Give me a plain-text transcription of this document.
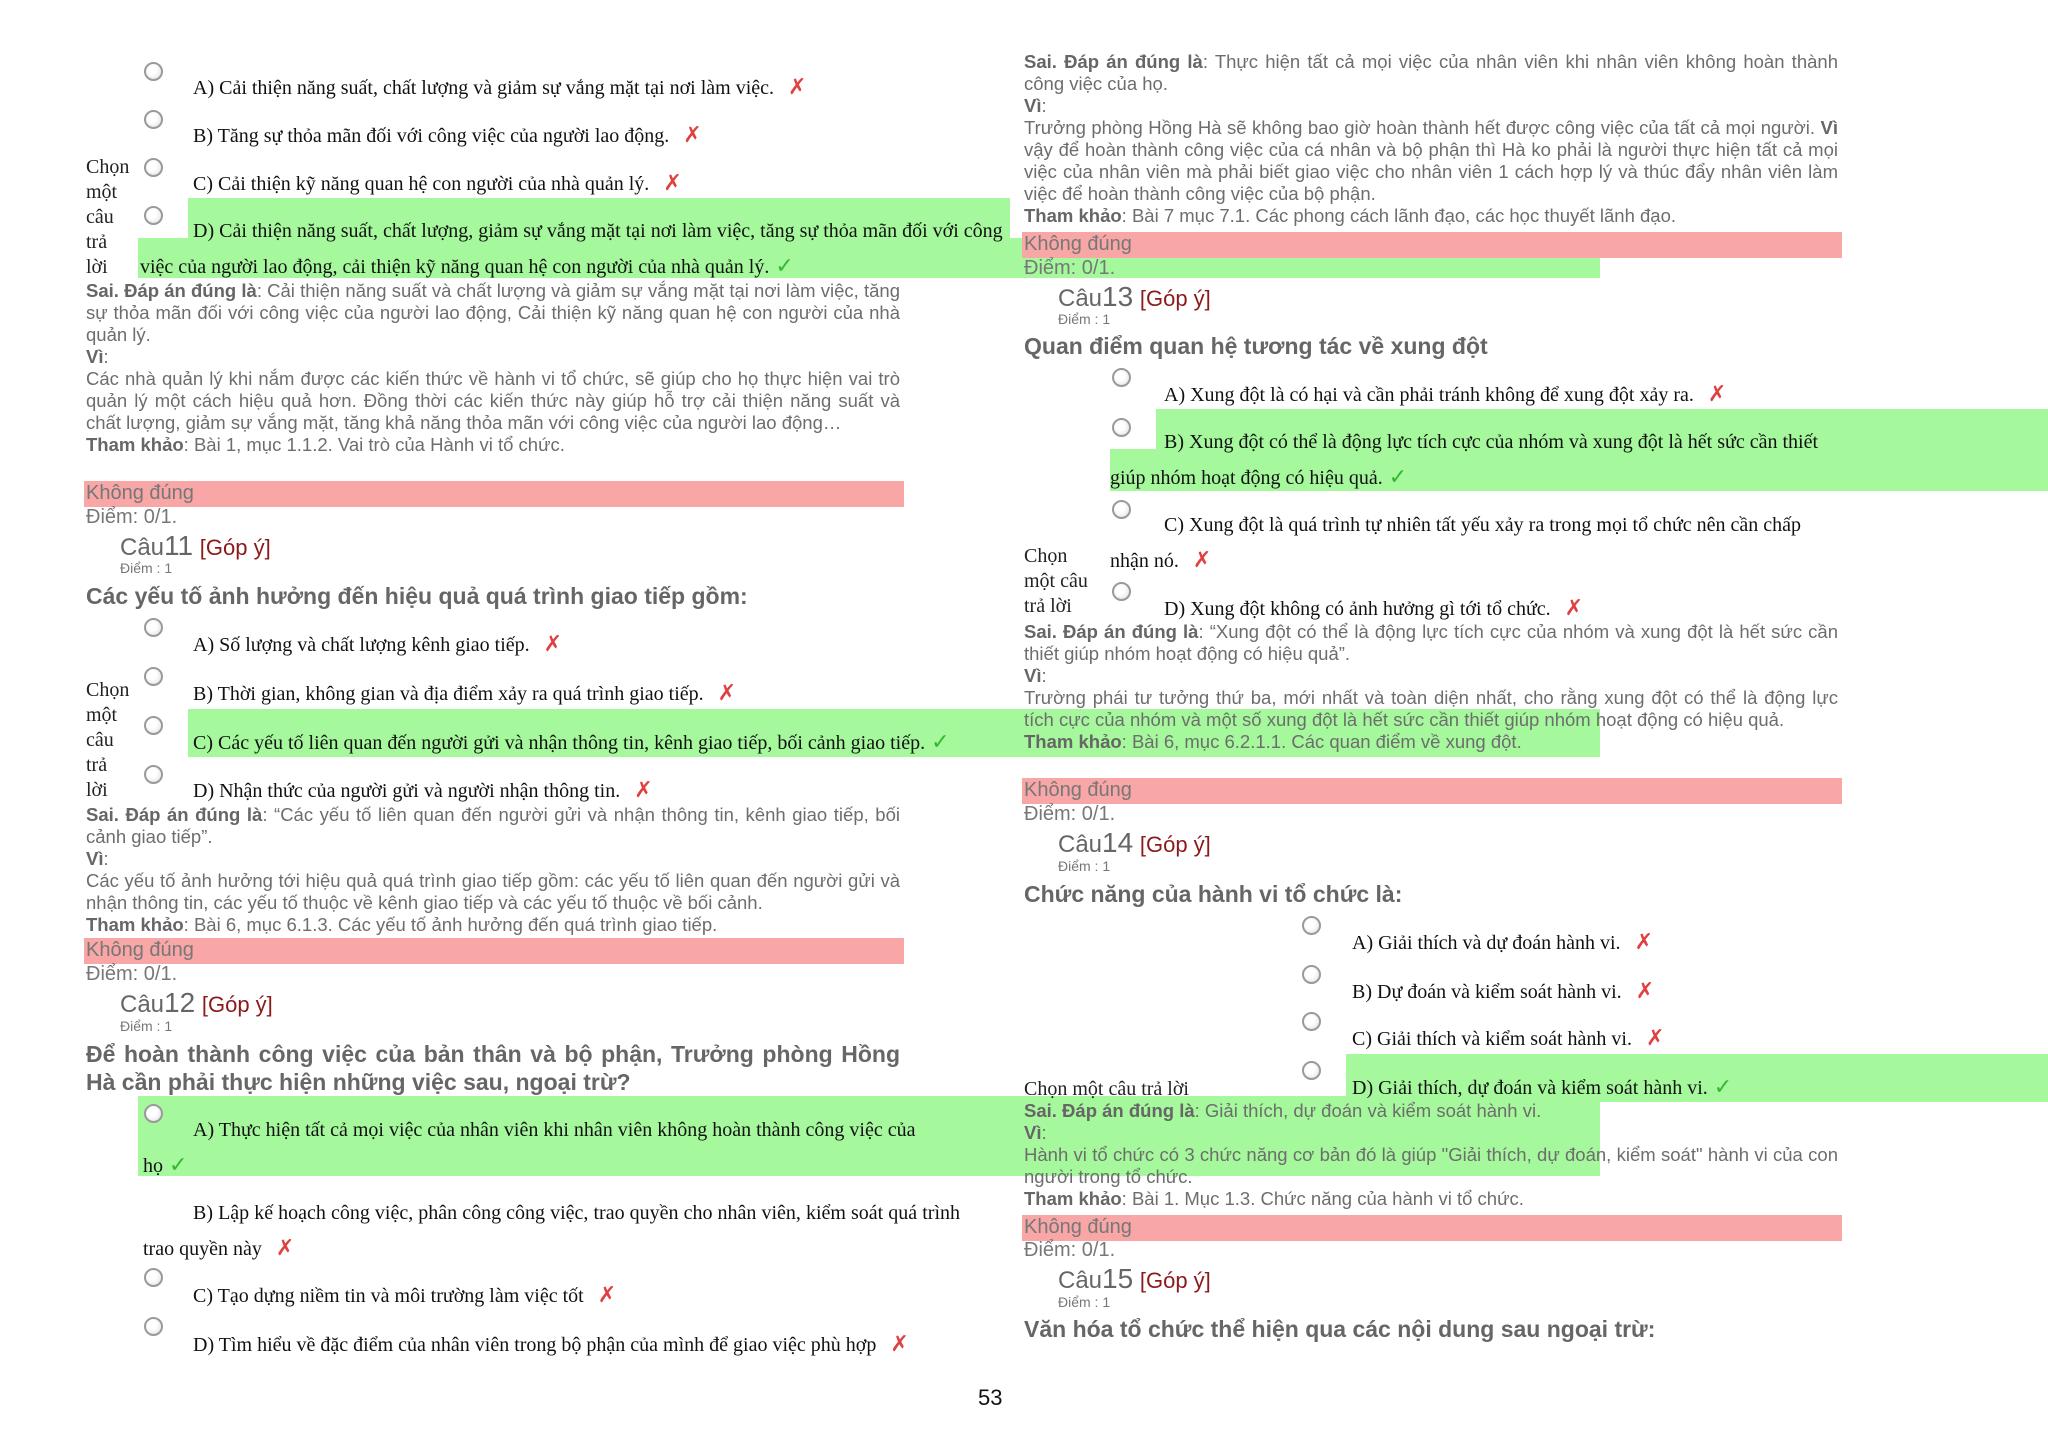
A) Cải thiện năng suất, chất lượng và giảm sự vắng mặt tại nơi làm việc. ✗
B) Tăng sự thỏa mãn đối với công việc của người lao động. ✗
Chọn
một
câu
trả
lời
C) Cải thiện kỹ năng quan hệ con người của nhà quản lý. ✗
D) Cải thiện năng suất, chất lượng, giảm sự vắng mặt tại nơi làm việc, tăng sự thỏa mãn đối với công việc của người lao động, cải thiện kỹ năng quan hệ con người của nhà quản lý. ✓
Sai. Đáp án đúng là: Cải thiện năng suất và chất lượng và giảm sự vắng mặt tại nơi làm việc, tăng sự thỏa mãn đối với công việc của người lao động, Cải thiện kỹ năng quan hệ con người của nhà quản lý.
Vì:
Các nhà quản lý khi nắm được các kiến thức về hành vi tổ chức, sẽ giúp cho họ thực hiện vai trò quản lý một cách hiệu quả hơn. Đồng thời các kiến thức này giúp hỗ trợ cải thiện năng suất và chất lượng, giảm sự vắng mặt, tăng khả năng thỏa mãn với công việc của người lao động…
Tham khảo: Bài 1, mục 1.1.2. Vai trò của Hành vi tổ chức.
Không đúng
Điểm: 0/1.
Câu11 [Góp ý]
Điểm : 1
Các yếu tố ảnh hưởng đến hiệu quả quá trình giao tiếp gồm:
A) Số lượng và chất lượng kênh giao tiếp. ✗
Chọn
một
câu
trả
lời
B) Thời gian, không gian và địa điểm xảy ra quá trình giao tiếp. ✗
C) Các yếu tố liên quan đến người gửi và nhận thông tin, kênh giao tiếp, bối cảnh giao tiếp. ✓
D) Nhận thức của người gửi và người nhận thông tin. ✗
Sai. Đáp án đúng là: “Các yếu tố liên quan đến người gửi và nhận thông tin, kênh giao tiếp, bối cảnh giao tiếp”.
Vì:
Các yếu tố ảnh hưởng tới hiệu quả quá trình giao tiếp gồm: các yếu tố liên quan đến người gửi và nhận thông tin, các yếu tố thuộc về kênh giao tiếp và các yếu tố thuộc về bối cảnh.
Tham khảo: Bài 6, mục 6.1.3. Các yếu tố ảnh hưởng đến quá trình giao tiếp.
Không đúng
Điểm: 0/1.
Câu12 [Góp ý]
Điểm : 1
Để hoàn thành công việc của bản thân và bộ phận, Trưởng phòng Hồng Hà cần phải thực hiện những việc sau, ngoại trừ?
A) Thực hiện tất cả mọi việc của nhân viên khi nhân viên không hoàn thành công việc của họ ✓
B) Lập kế hoạch công việc, phân công công việc, trao quyền cho nhân viên, kiểm soát quá trình trao quyền này ✗
C) Tạo dựng niềm tin và môi trường làm việc tốt ✗
D) Tìm hiểu về đặc điểm của nhân viên trong bộ phận của mình để giao việc phù hợp ✗
53
Sai. Đáp án đúng là: Thực hiện tất cả mọi việc của nhân viên khi nhân viên không hoàn thành công việc của họ.
Vì:
Trưởng phòng Hồng Hà sẽ không bao giờ hoàn thành hết được công việc của tất cả mọi người. Vì vậy để hoàn thành công việc của cá nhân và bộ phận thì Hà ko phải là người thực hiện tất cả mọi việc của nhân viên mà phải biết giao việc cho nhân viên 1 cách hợp lý và thúc đẩy nhân viên làm việc để hoàn thành công việc của bộ phận.
Tham khảo: Bài 7 mục 7.1. Các phong cách lãnh đạo, các học thuyết lãnh đạo.
Không đúng
Điểm: 0/1.
Câu13 [Góp ý]
Điểm : 1
Quan điểm quan hệ tương tác về xung đột
A) Xung đột là có hại và cần phải tránh không để xung đột xảy ra. ✗
B) Xung đột có thể là động lực tích cực của nhóm và xung đột là hết sức cần thiết giúp nhóm hoạt động có hiệu quả. ✓
C) Xung đột là quá trình tự nhiên tất yếu xảy ra trong mọi tổ chức nên cần chấp nhận nó. ✗
Chọn
một câu
trả lời	D) Xung đột không có ảnh hưởng gì tới tổ chức. ✗
Sai. Đáp án đúng là: “Xung đột có thể là động lực tích cực của nhóm và xung đột là hết sức cần thiết giúp nhóm hoạt động có hiệu quả”.
Vì:
Trường phái tư tưởng thứ ba, mới nhất và toàn diện nhất, cho rằng xung đột có thể là động lực tích cực của nhóm và một số xung đột là hết sức cần thiết giúp nhóm hoạt động có hiệu quả.
Tham khảo: Bài 6, mục 6.2.1.1. Các quan điểm về xung đột.
Không đúng
Điểm: 0/1.
Câu14 [Góp ý]
Điểm : 1
Chức năng của hành vi tổ chức là:
A) Giải thích và dự đoán hành vi. ✗
B) Dự đoán và kiểm soát hành vi. ✗
C) Giải thích và kiểm soát hành vi. ✗
Chọn một câu trả lời	D) Giải thích, dự đoán và kiểm soát hành vi. ✓
Sai. Đáp án đúng là: Giải thích, dự đoán và kiểm soát hành vi.
Vì:
Hành vi tổ chức có 3 chức năng cơ bản đó là giúp "Giải thích, dự đoán, kiểm soát" hành vi của con người trong tổ chức.
Tham khảo: Bài 1. Mục 1.3. Chức năng của hành vi tổ chức.
Không đúng
Điểm: 0/1.
Câu15 [Góp ý]
Điểm : 1
Văn hóa tổ chức thể hiện qua các nội dung sau ngoại trừ:
